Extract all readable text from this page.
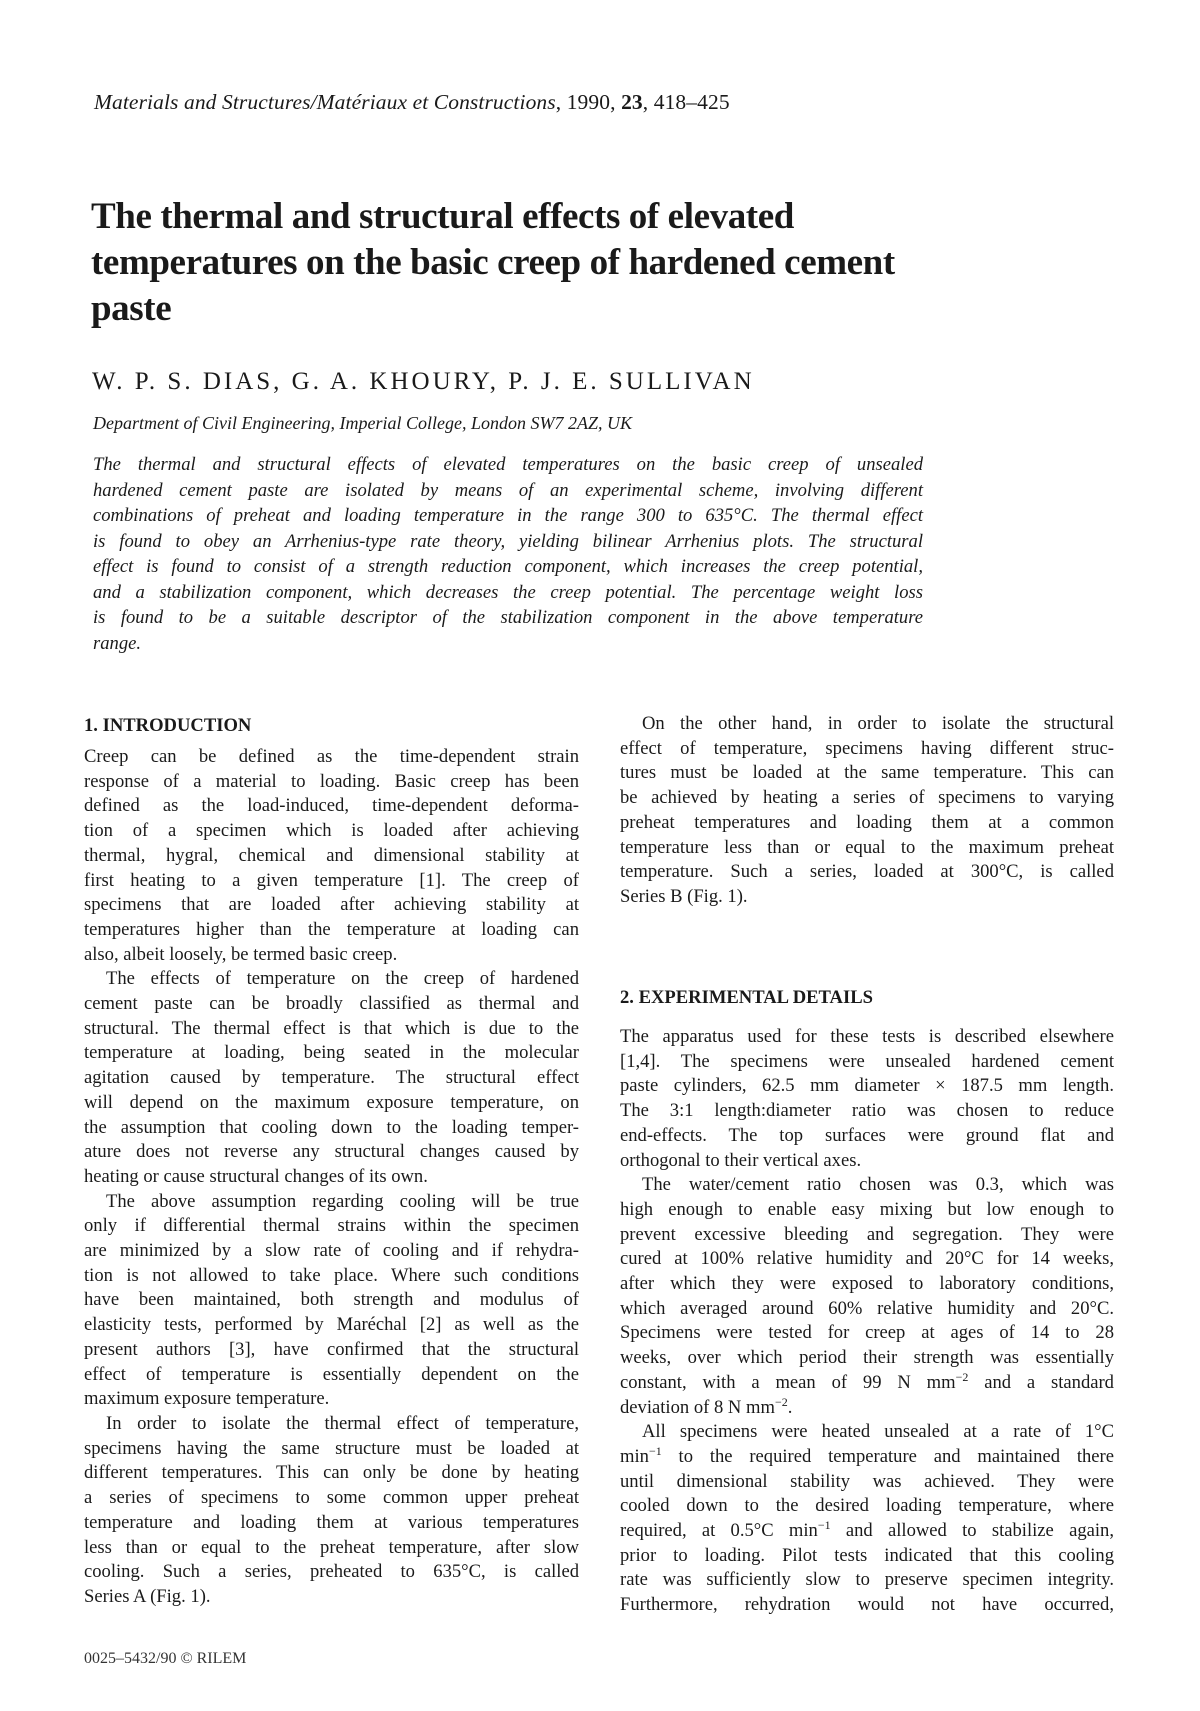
Materials and Structures/Matériaux et Constructions, 1990, 23, 418–425
The thermal and structural effects of elevated temperatures on the basic creep of hardened cement paste
W. P. S. DIAS, G. A. KHOURY, P. J. E. SULLIVAN
Department of Civil Engineering, Imperial College, London SW7 2AZ, UK
The thermal and structural effects of elevated temperatures on the basic creep of unsealed
hardened cement paste are isolated by means of an experimental scheme, involving different
combinations of preheat and loading temperature in the range 300 to 635°C. The thermal effect
is found to obey an Arrhenius-type rate theory, yielding bilinear Arrhenius plots. The structural
effect is found to consist of a strength reduction component, which increases the creep potential,
and a stabilization component, which decreases the creep potential. The percentage weight loss
is found to be a suitable descriptor of the stabilization component in the above temperature
range.
1. INTRODUCTION
Creep can be defined as the time-dependent strain
response of a material to loading. Basic creep has been
defined as the load-induced, time-dependent deforma-
tion of a specimen which is loaded after achieving
thermal, hygral, chemical and dimensional stability at
first heating to a given temperature [1]. The creep of
specimens that are loaded after achieving stability at
temperatures higher than the temperature at loading can
also, albeit loosely, be termed basic creep.
The effects of temperature on the creep of hardened
cement paste can be broadly classified as thermal and
structural. The thermal effect is that which is due to the
temperature at loading, being seated in the molecular
agitation caused by temperature. The structural effect
will depend on the maximum exposure temperature, on
the assumption that cooling down to the loading temper-
ature does not reverse any structural changes caused by
heating or cause structural changes of its own.
The above assumption regarding cooling will be true
only if differential thermal strains within the specimen
are minimized by a slow rate of cooling and if rehydra-
tion is not allowed to take place. Where such conditions
have been maintained, both strength and modulus of
elasticity tests, performed by Maréchal [2] as well as the
present authors [3], have confirmed that the structural
effect of temperature is essentially dependent on the
maximum exposure temperature.
In order to isolate the thermal effect of temperature,
specimens having the same structure must be loaded at
different temperatures. This can only be done by heating
a series of specimens to some common upper preheat
temperature and loading them at various temperatures
less than or equal to the preheat temperature, after slow
cooling. Such a series, preheated to 635°C, is called
Series A (Fig. 1).
On the other hand, in order to isolate the structural
effect of temperature, specimens having different struc-
tures must be loaded at the same temperature. This can
be achieved by heating a series of specimens to varying
preheat temperatures and loading them at a common
temperature less than or equal to the maximum preheat
temperature. Such a series, loaded at 300°C, is called
Series B (Fig. 1).
2. EXPERIMENTAL DETAILS
The apparatus used for these tests is described elsewhere
[1,4]. The specimens were unsealed hardened cement
paste cylinders, 62.5 mm diameter × 187.5 mm length.
The 3:1 length:diameter ratio was chosen to reduce
end-effects. The top surfaces were ground flat and
orthogonal to their vertical axes.
The water/cement ratio chosen was 0.3, which was
high enough to enable easy mixing but low enough to
prevent excessive bleeding and segregation. They were
cured at 100% relative humidity and 20°C for 14 weeks,
after which they were exposed to laboratory conditions,
which averaged around 60% relative humidity and 20°C.
Specimens were tested for creep at ages of 14 to 28
weeks, over which period their strength was essentially
constant, with a mean of 99 N $mm^{-2}$ and a standard
deviation of 8 N $mm^{-2}$.
All specimens were heated unsealed at a rate of 1°C
$\min^{-1}$ to the required temperature and maintained there
until dimensional stability was achieved. They were
cooled down to the desired loading temperature, where
required, at 0.5°C $\min^{-1}$ and allowed to stabilize again,
prior to loading. Pilot tests indicated that this cooling
rate was sufficiently slow to preserve specimen integrity.
Furthermore, rehydration would not have occurred,
0025–5432/90 © RILEM
